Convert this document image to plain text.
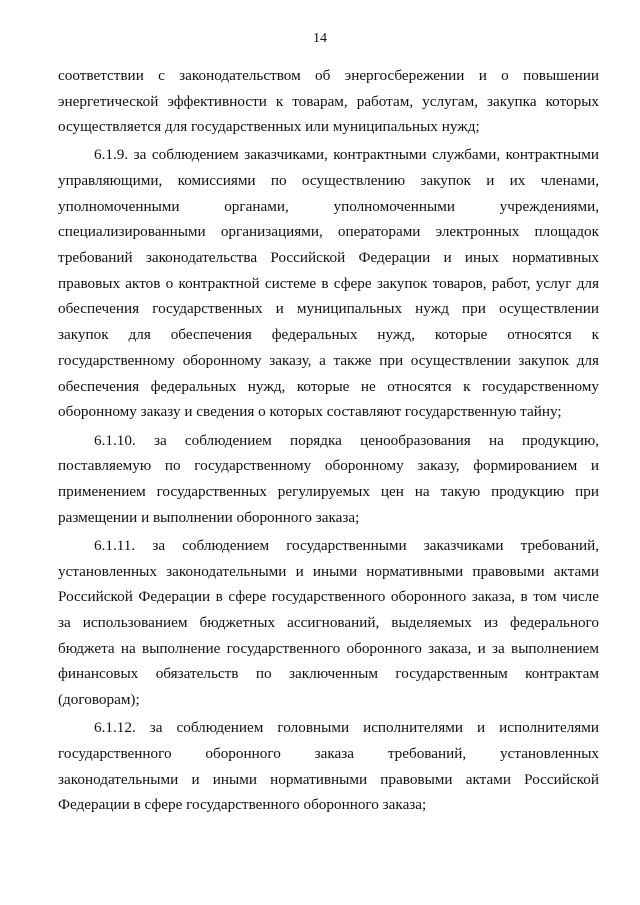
14
соответствии с законодательством об энергосбережении и о повышении
энергетической эффективности к товарам, работам, услугам, закупка которых
осуществляется для государственных или муниципальных нужд;
6.1.9. за соблюдением заказчиками, контрактными службами, контрактными
управляющими, комиссиями по осуществлению закупок и их членами,
уполномоченными органами, уполномоченными учреждениями,
специализированными организациями, операторами электронных площадок
требований законодательства Российской Федерации и иных нормативных
правовых актов о контрактной системе в сфере закупок товаров, работ, услуг для
обеспечения государственных и муниципальных нужд при осуществлении
закупок для обеспечения федеральных нужд, которые относятся к
государственному оборонному заказу, а также при осуществлении закупок для
обеспечения федеральных нужд, которые не относятся к государственному
оборонному заказу и сведения о которых составляют государственную тайну;
6.1.10. за соблюдением порядка ценообразования на продукцию,
поставляемую по государственному оборонному заказу, формированием и
применением государственных регулируемых цен на такую продукцию при
размещении и выполнении оборонного заказа;
6.1.11. за соблюдением государственными заказчиками требований,
установленных законодательными и иными нормативными правовыми актами
Российской Федерации в сфере государственного оборонного заказа, в том числе
за использованием бюджетных ассигнований, выделяемых из федерального
бюджета на выполнение государственного оборонного заказа, и за выполнением
финансовых обязательств по заключенным государственным контрактам
(договорам);
6.1.12. за соблюдением головными исполнителями и исполнителями
государственного оборонного заказа требований, установленных
законодательными и иными нормативными правовыми актами Российской
Федерации в сфере государственного оборонного заказа;
